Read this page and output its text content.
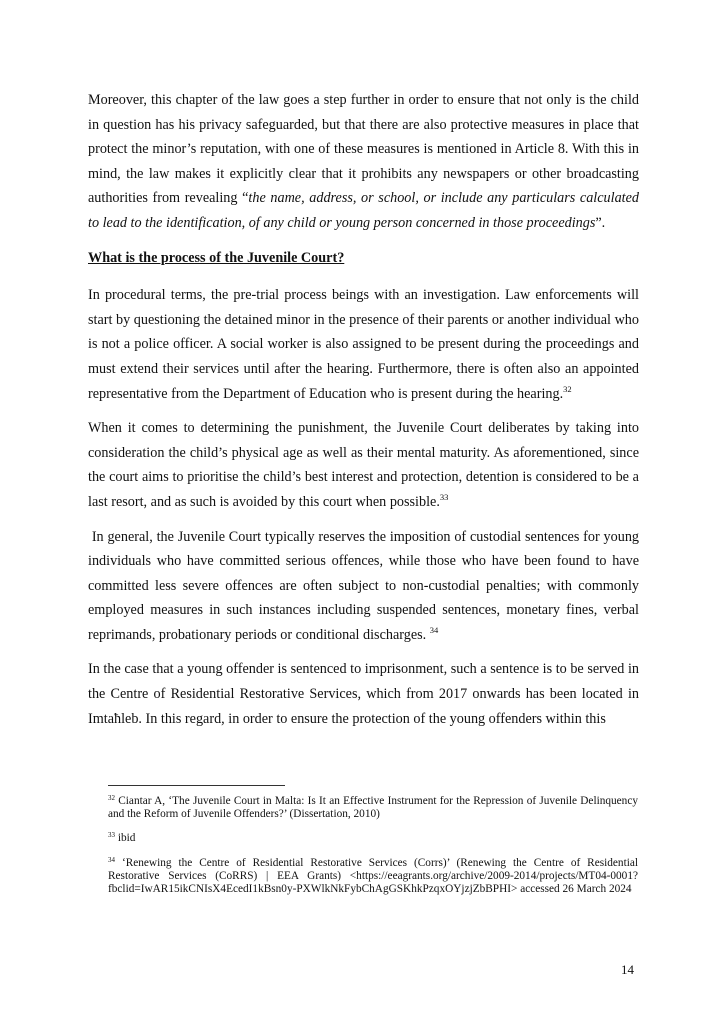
Moreover, this chapter of the law goes a step further in order to ensure that not only is the child in question has his privacy safeguarded, but that there are also protective measures in place that protect the minor’s reputation, with one of these measures is mentioned in Article 8. With this in mind, the law makes it explicitly clear that it prohibits any newspapers or other broadcasting authorities from revealing “the name, address, or school, or include any particulars calculated to lead to the identification, of any child or young person concerned in those proceedings”.

What is the process of the Juvenile Court?

In procedural terms, the pre-trial process beings with an investigation. Law enforcements will start by questioning the detained minor in the presence of their parents or another individual who is not a police officer. A social worker is also assigned to be present during the proceedings and must extend their services until after the hearing. Furthermore, there is often also an appointed representative from the Department of Education who is present during the hearing.$^{32}$

When it comes to determining the punishment, the Juvenile Court deliberates by taking into consideration the child’s physical age as well as their mental maturity. As aforementioned, since the court aims to prioritise the child’s best interest and protection, detention is considered to be a last resort, and as such is avoided by this court when possible.$^{33}$

In general, the Juvenile Court typically reserves the imposition of custodial sentences for young individuals who have committed serious offences, while those who have been found to have committed less severe offences are often subject to non-custodial penalties; with commonly employed measures in such instances including suspended sentences, monetary fines, verbal reprimands, probationary periods or conditional discharges. $^{34}$

In the case that a young offender is sentenced to imprisonment, such a sentence is to be served in the Centre of Residential Restorative Services, which from 2017 onwards has been located in Imtaħleb. In this regard, in order to ensure the protection of the young offenders within this

$^{32}$ Ciantar A, ‘The Juvenile Court in Malta: Is It an Effective Instrument for the Repression of Juvenile Delinquency and the Reform of Juvenile Offenders?’ (Dissertation, 2010)

$^{33}$ ibid

$^{34}$ ‘Renewing the Centre of Residential Restorative Services (Corrs)’ (Renewing the Centre of Residential Restorative Services (CoRRS) | EEA Grants) <https://eeagrants.org/archive/2009-2014/projects/MT04-0001?fbclid=IwAR15ikCNIsX4EcedI1kBsn0y-PXWlkNkFybChAgGSKhkPzqxOYjzjZbBPHI> accessed 26 March 2024

14
